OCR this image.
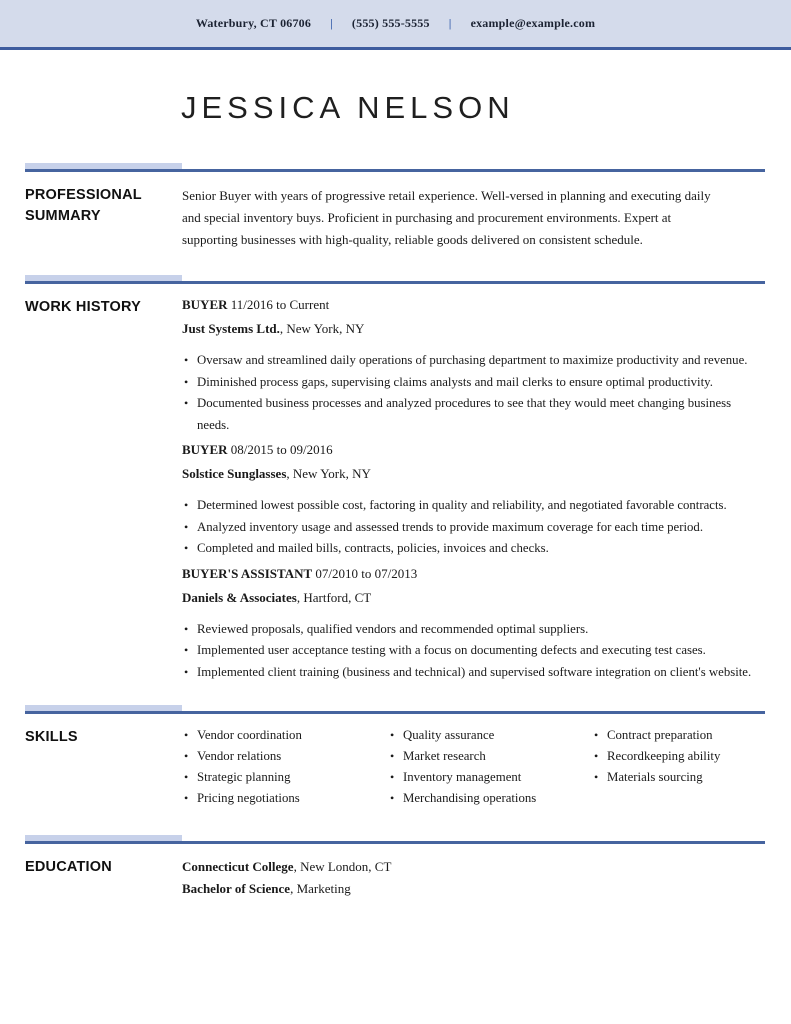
Waterbury, CT 06706 | (555) 555-5555 | example@example.com
JESSICA NELSON
PROFESSIONAL SUMMARY
Senior Buyer with years of progressive retail experience. Well-versed in planning and executing daily and special inventory buys. Proficient in purchasing and procurement environments. Expert at supporting businesses with high-quality, reliable goods delivered on consistent schedule.
WORK HISTORY	BUYER 11/2016 to Current
Just Systems Ltd., New York, NY
• Oversaw and streamlined daily operations of purchasing department to maximize productivity and revenue.
• Diminished process gaps, supervising claims analysts and mail clerks to ensure optimal productivity.
• Documented business processes and analyzed procedures to see that they would meet changing business needs.
BUYER 08/2015 to 09/2016
Solstice Sunglasses, New York, NY
• Determined lowest possible cost, factoring in quality and reliability, and negotiated favorable contracts.
• Analyzed inventory usage and assessed trends to provide maximum coverage for each time period.
• Completed and mailed bills, contracts, policies, invoices and checks.
BUYER'S ASSISTANT 07/2010 to 07/2013
Daniels & Associates, Hartford, CT
• Reviewed proposals, qualified vendors and recommended optimal suppliers.
• Implemented user acceptance testing with a focus on documenting defects and executing test cases.
• Implemented client training (business and technical) and supervised software integration on client's website.
SKILLS	• Vendor coordination
• Vendor relations
• Strategic planning
• Pricing negotiations
• Quality assurance
• Market research
• Inventory management
• Merchandising operations
• Contract preparation
• Recordkeeping ability
• Materials sourcing
EDUCATION	Connecticut College, New London, CT
Bachelor of Science, Marketing
